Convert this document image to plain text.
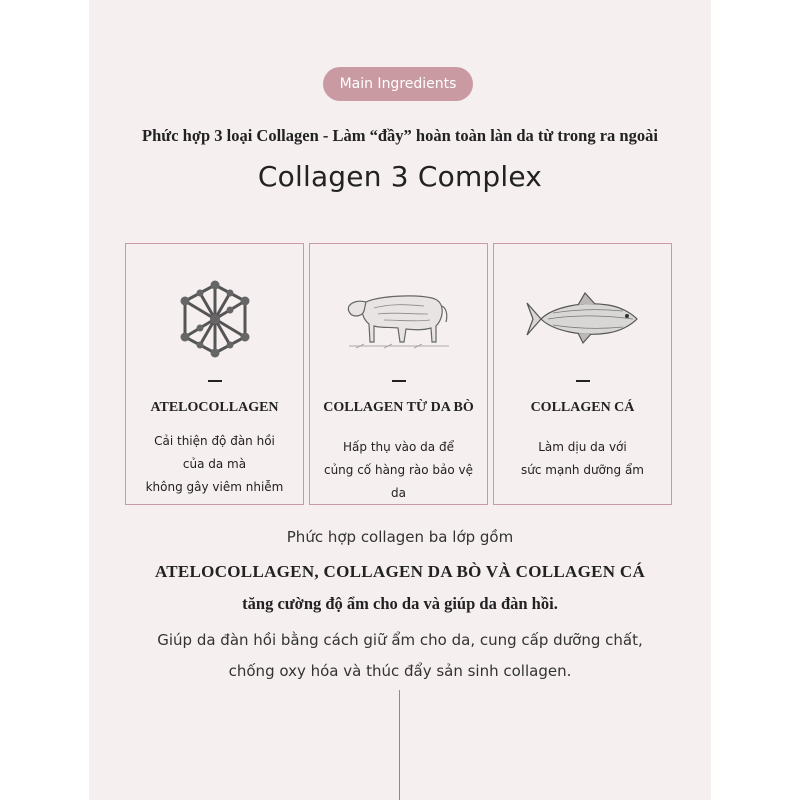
Main Ingredients
Phức hợp 3 loại Collagen - Làm “đầy” hoàn toàn làn da từ trong ra ngoài
Collagen 3 Complex
ATELOCOLLAGEN
Cải thiện độ đàn hồi
của da mà
không gây viêm nhiễm
COLLAGEN TỪ DA BÒ
Hấp thụ vào da để
củng cố hàng rào bảo vệ da
COLLAGEN CÁ
Làm dịu da với
sức mạnh dưỡng ẩm
Phức hợp collagen ba lớp gồm
ATELOCOLLAGEN, COLLAGEN DA BÒ VÀ COLLAGEN CÁ
tăng cường độ ẩm cho da và giúp da đàn hồi.
Giúp da đàn hồi bằng cách giữ ẩm cho da, cung cấp dưỡng chất,
chống oxy hóa và thúc đẩy sản sinh collagen.
